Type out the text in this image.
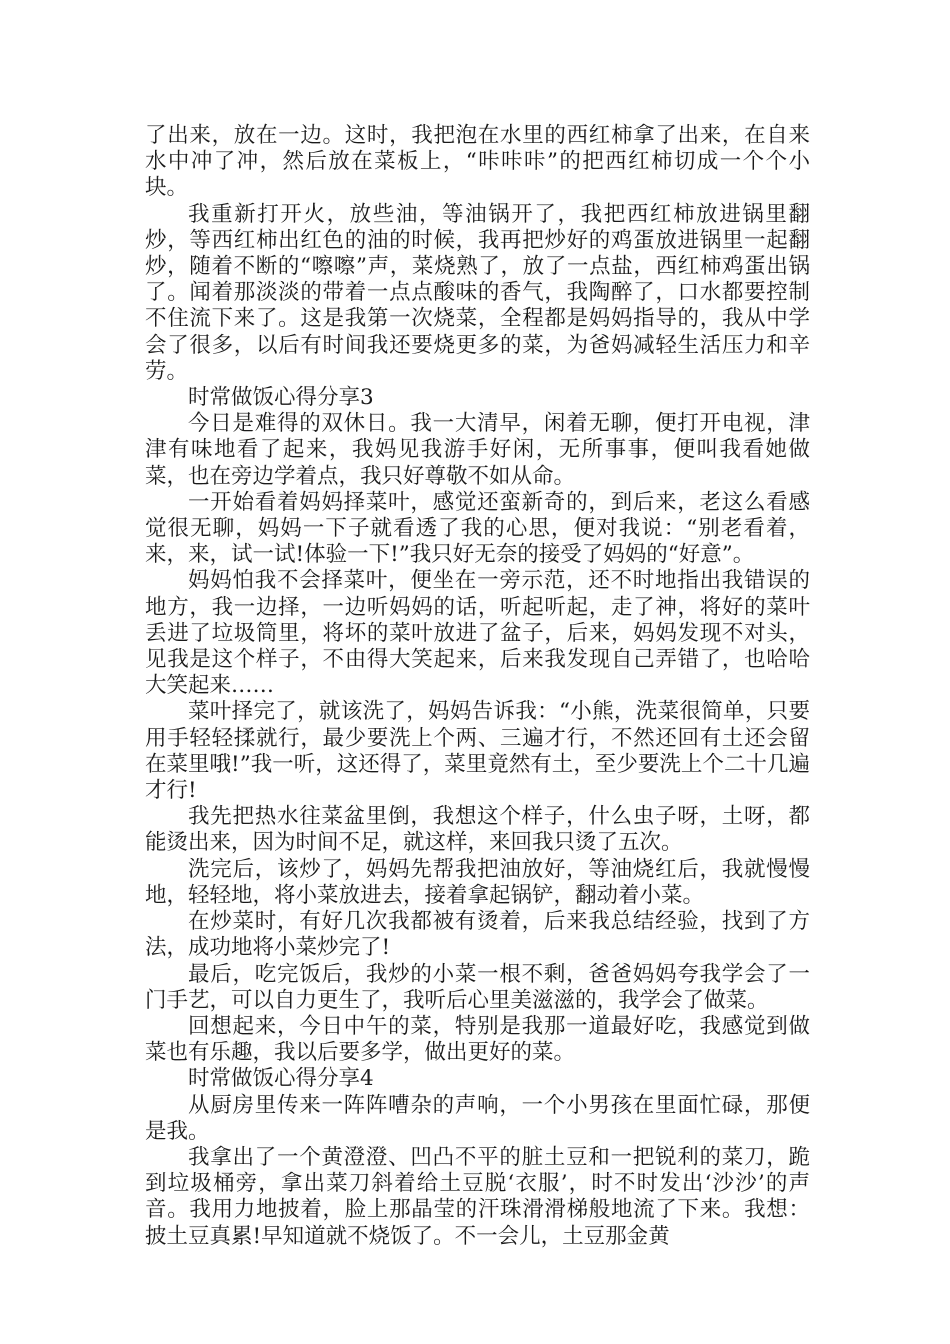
了出来，放在一边。这时，我把泡在水里的西红柿拿了出来，在自来水中冲了冲，然后放在菜板上，“咔咔咔”的把西红柿切成一个个小块。

我重新打开火，放些油，等油锅开了，我把西红柿放进锅里翻炒，等西红柿出红色的油的时候，我再把炒好的鸡蛋放进锅里一起翻炒，随着不断的“嚓嚓”声，菜烧熟了，放了一点盐，西红柿鸡蛋出锅了。闻着那淡淡的带着一点点酸味的香气，我陶醉了，口水都要控制不住流下来了。这是我第一次烧菜，全程都是妈妈指导的，我从中学会了很多，以后有时间我还要烧更多的菜，为爸妈减轻生活压力和辛劳。

时常做饭心得分享3

今日是难得的双休日。我一大清早，闲着无聊，便打开电视，津津有味地看了起来，我妈见我游手好闲，无所事事，便叫我看她做菜，也在旁边学着点，我只好尊敬不如从命。

一开始看着妈妈择菜叶，感觉还蛮新奇的，到后来，老这么看感觉很无聊，妈妈一下子就看透了我的心思，便对我说：“别老看着，来，来，试一试!体验一下!”我只好无奈的接受了妈妈的“好意”。

妈妈怕我不会择菜叶，便坐在一旁示范，还不时地指出我错误的地方，我一边择，一边听妈妈的话，听起听起，走了神，将好的菜叶丢进了垃圾筒里，将坏的菜叶放进了盆子，后来，妈妈发现不对头，见我是这个样子，不由得大笑起来，后来我发现自己弄错了，也哈哈大笑起来……

菜叶择完了，就该洗了，妈妈告诉我：“小熊，洗菜很简单，只要用手轻轻揉就行，最少要洗上个两、三遍才行，不然还回有土还会留在菜里哦!”我一听，这还得了，菜里竟然有土，至少要洗上个二十几遍才行!

我先把热水往菜盆里倒，我想这个样子，什么虫子呀，土呀，都能烫出来，因为时间不足，就这样，来回我只烫了五次。

洗完后，该炒了，妈妈先帮我把油放好，等油烧红后，我就慢慢地，轻轻地，将小菜放进去，接着拿起锅铲，翻动着小菜。

在炒菜时，有好几次我都被有烫着，后来我总结经验，找到了方法，成功地将小菜炒完了!

最后，吃完饭后，我炒的小菜一根不剩，爸爸妈妈夸我学会了一门手艺，可以自力更生了，我听后心里美滋滋的，我学会了做菜。

回想起来，今日中午的菜，特别是我那一道最好吃，我感觉到做菜也有乐趣，我以后要多学，做出更好的菜。

时常做饭心得分享4

从厨房里传来一阵阵嘈杂的声响，一个小男孩在里面忙碌，那便是我。

我拿出了一个黄澄澄、凹凸不平的脏土豆和一把锐利的菜刀，跪到垃圾桶旁，拿出菜刀斜着给土豆脱‘衣服’，时不时发出‘沙沙’的声音。我用力地披着，脸上那晶莹的汗珠滑滑梯般地流了下来。我想：披土豆真累!早知道就不烧饭了。不一会儿，土豆那金黄
